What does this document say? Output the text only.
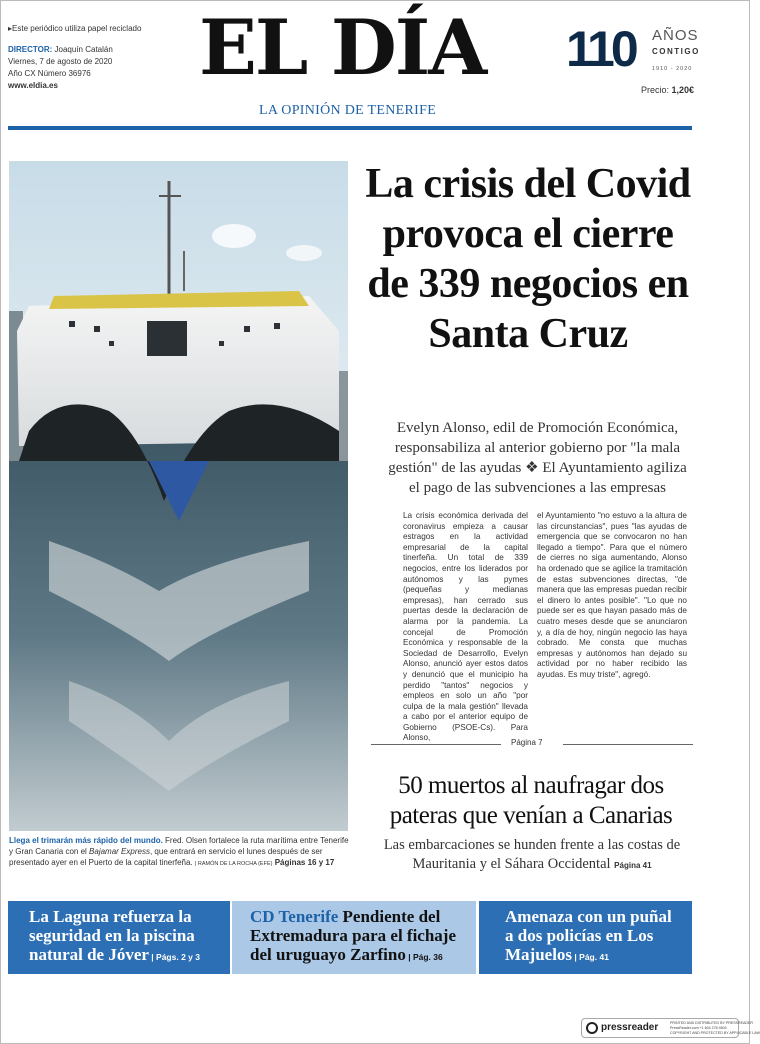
▸Este periódico utiliza papel reciclado
DIRECTOR: Joaquín Catalán
Viernes, 7 de agosto de 2020
Año CX Número 36976
www.eldia.es	EL DÍA
LA OPINIÓN DE TENERIFE
110 AÑOS
CONTIGO
1910 - 2020
Precio: 1,20€
Llega el trimarán más rápido del mundo. Fred. Olsen fortalece la ruta marítima entre Tenerife y Gran Canaria con el Bajamar Express, que entrará en servicio el lunes después de ser presentado ayer en el Puerto de la capital tinerfeña. | RAMÓN DE LA ROCHA (EFE) Páginas 16 y 17
La crisis del Covid provoca el cierre de 339 negocios en Santa Cruz
Evelyn Alonso, edil de Promoción Económica, responsabiliza al anterior gobierno por "la mala gestión" de las ayudas ❖ El Ayuntamiento agiliza el pago de las subvenciones a las empresas
La crisis económica derivada del coronavirus empieza a causar estragos en la actividad empresarial de la capital tinerfeña. Un total de 339 negocios, entre los liderados por autónomos y las pymes (pequeñas y medianas empresas), han cerrado sus puertas desde la declaración de alarma por la pandemia. La concejal de Promoción Económica y responsable de la Sociedad de Desarrollo, Evelyn Alonso, anunció ayer estos datos y denunció que el municipio ha perdido "tantos" negocios y empleos en solo un año "por culpa de la mala gestión" llevada a cabo por el anterior equipo de Gobierno (PSOE-Cs). Para Alonso,
el Ayuntamiento "no estuvo a la altura de las circunstancias", pues "las ayudas de emergencia que se convocaron no han llegado a tiempo". Para que el número de cierres no siga aumentando, Alonso ha ordenado que se agilice la tramitación de estas subvenciones directas, "de manera que las empresas puedan recibir el dinero lo antes posible". "Lo que no puede ser es que hayan pasado más de cuatro meses desde que se anunciaron y, a día de hoy, ningún negocio las haya cobrado. Me consta que muchas empresas y autónomos han dejado su actividad por no haber recibido las ayudas. Es muy triste", agregó.
Página 7
50 muertos al naufragar dos pateras que venían a Canarias
Las embarcaciones se hunden frente a las costas de Mauritania y el Sáhara Occidental Página 41
La Laguna refuerza la seguridad en la piscina natural de Jóver | Págs. 2 y 3
CD Tenerife Pendiente del Extremadura para el fichaje del uruguayo Zarfino | Pág. 36
Amenaza con un puñal a dos policías en Los Majuelos | Pág. 41
pressreader	PRINTED AND DISTRIBUTED BY PRESSREADER
PressReader.com +1 604 278 4604
COPYRIGHT AND PROTECTED BY APPLICABLE LAW
